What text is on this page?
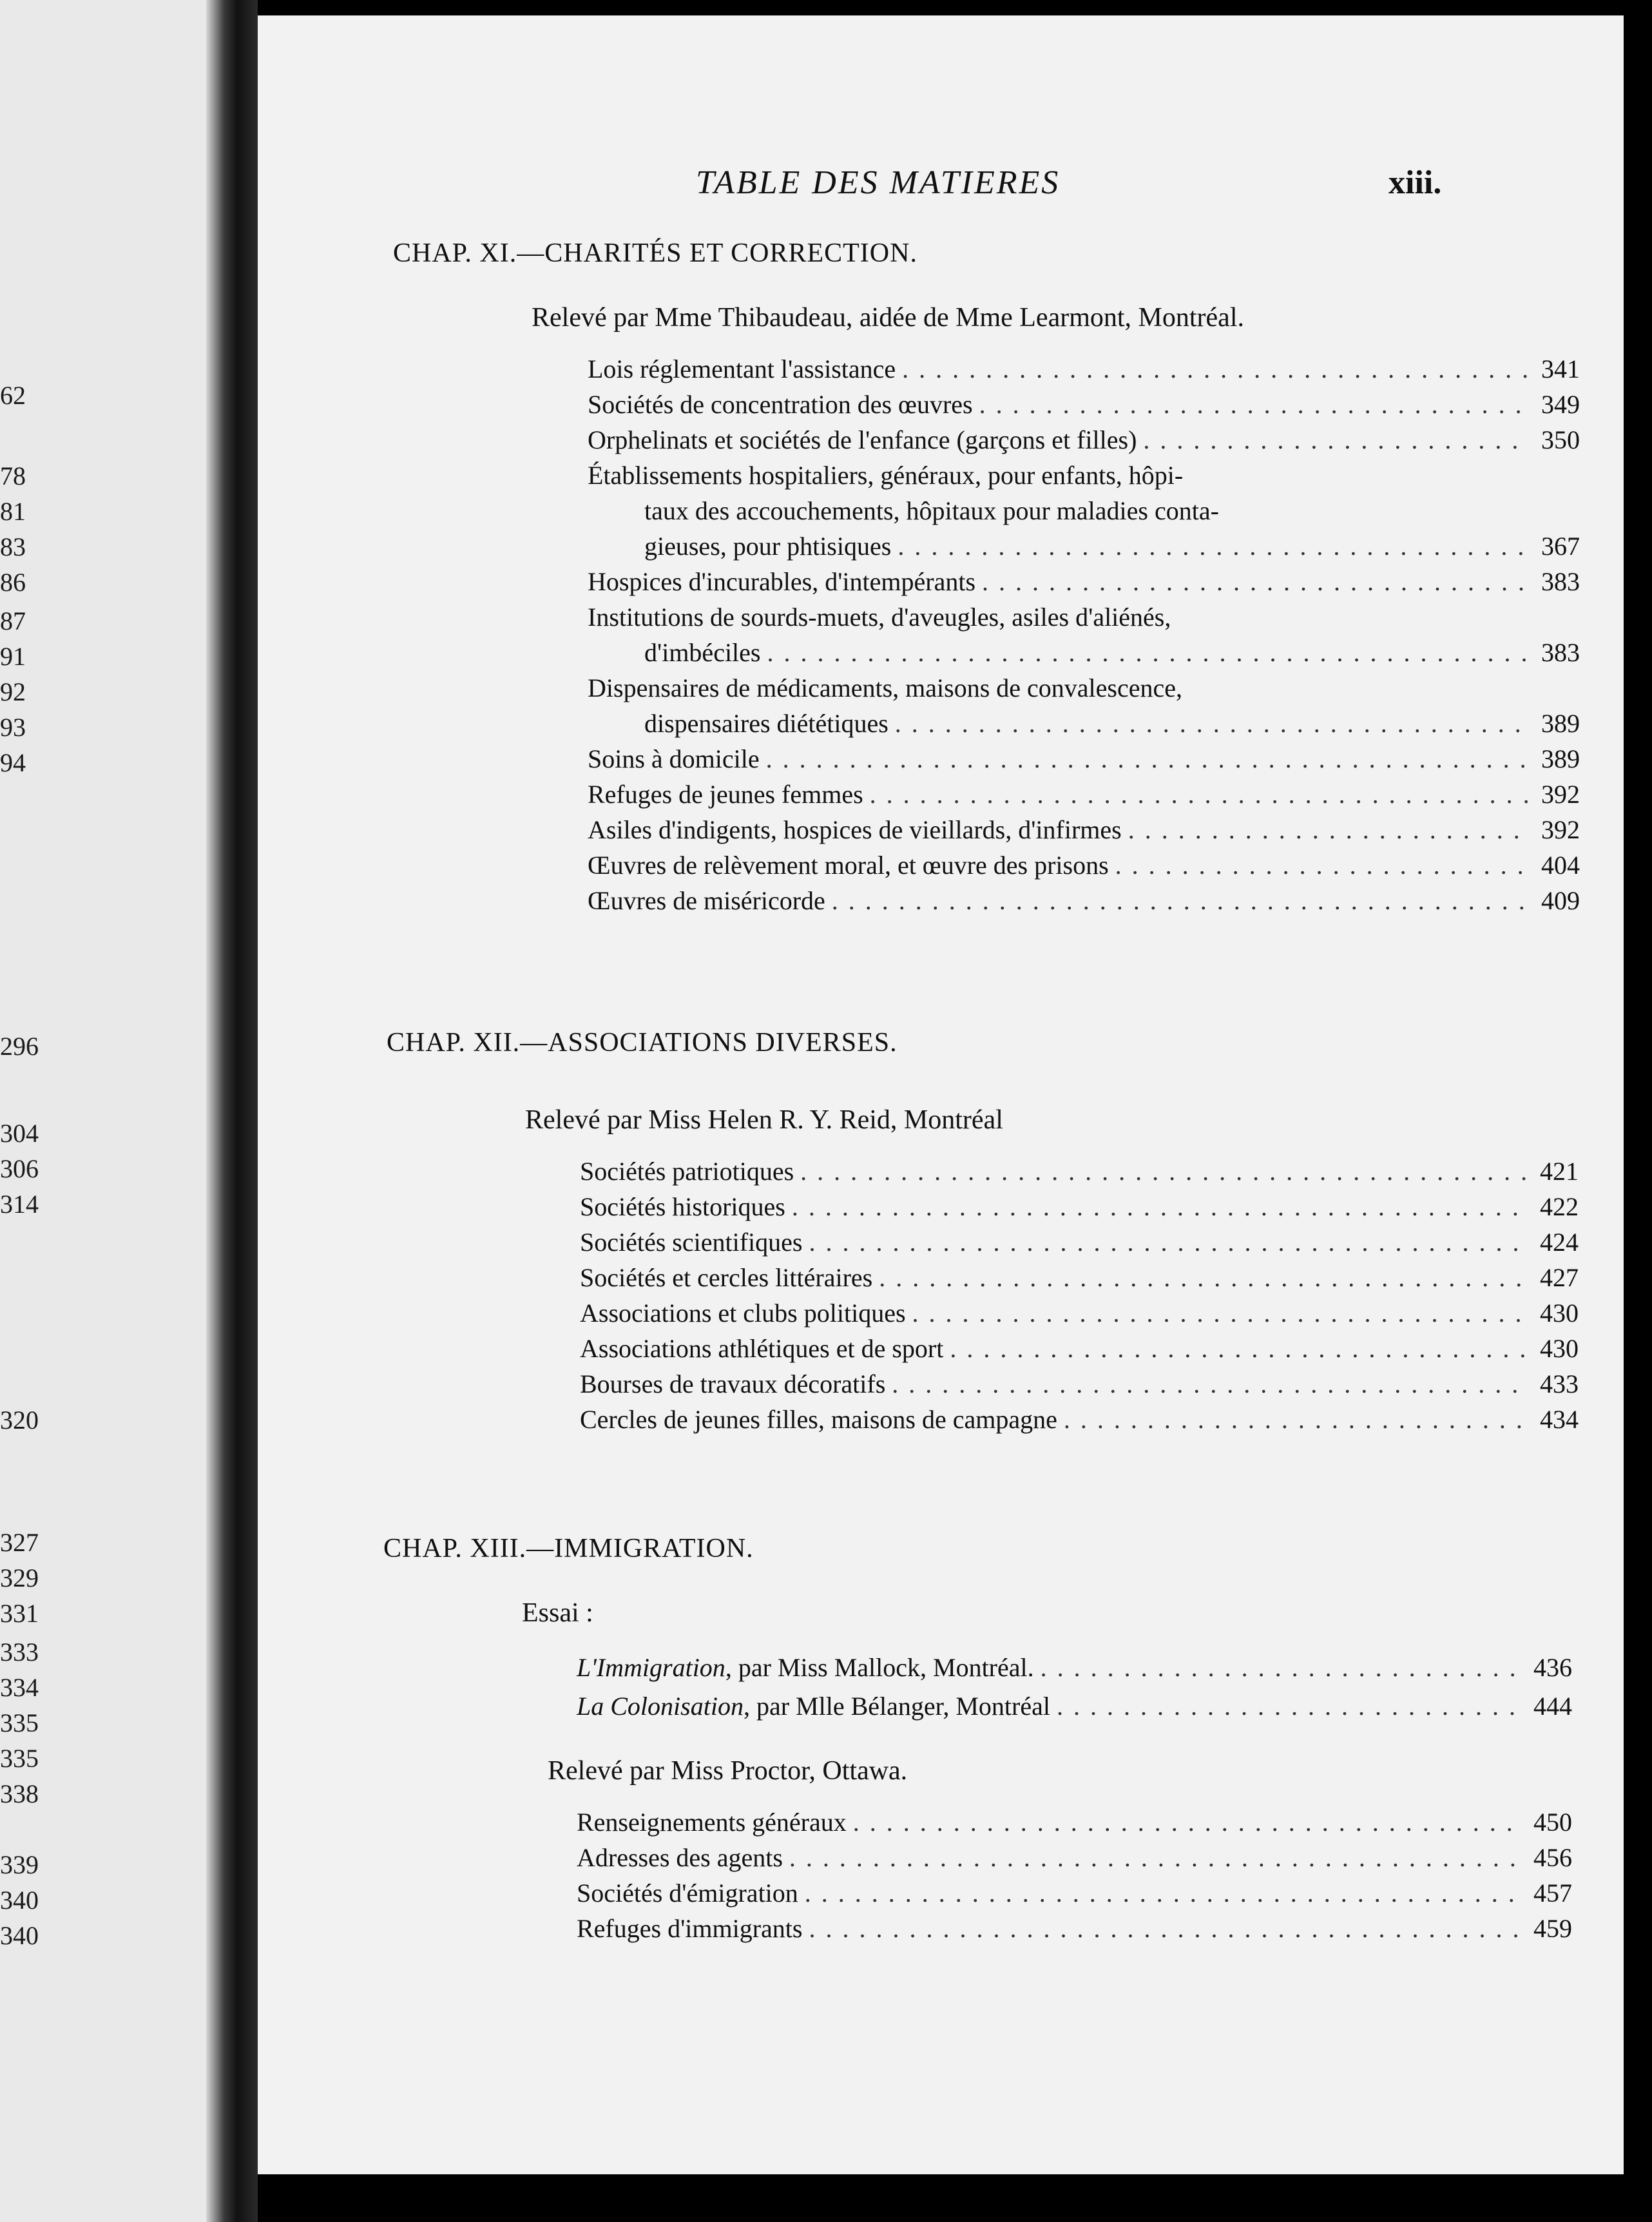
62
78
81
83
86
87
91
92
93
94
296
304
306
314
320
327
329
331
333
334
335
335
338
339
340
340
TABLE DES MATIERES	xiii.
CHAP. XI.—CHARITÉS ET CORRECTION.
Relevé par Mme Thibaudeau, aidée de Mme Learmont, Montréal.
Lois réglementant l'assistance . . .	341
Sociétés de concentration des œuvres . . .	349
Orphelinats et sociétés de l'enfance (garçons et filles) . . .	350
Établissements hospitaliers, généraux, pour enfants, hôpi-
taux des accouchements, hôpitaux pour maladies conta-
gieuses, pour phtisiques . . .	367
Hospices d'incurables, d'intempérants . . .	383
Institutions de sourds-muets, d'aveugles, asiles d'aliénés,
d'imbéciles . . .	383
Dispensaires de médicaments, maisons de convalescence,
dispensaires diététiques . . .	389
Soins à domicile . . .	389
Refuges de jeunes femmes . . .	392
Asiles d'indigents, hospices de vieillards, d'infirmes . . .	392
Œuvres de relèvement moral, et œuvre des prisons . . .	404
Œuvres de miséricorde . . .	409
CHAP. XII.—ASSOCIATIONS DIVERSES.
Relevé par Miss Helen R. Y. Reid, Montréal
Sociétés patriotiques . . .	421
Sociétés historiques . . .	422
Sociétés scientifiques . . .	424
Sociétés et cercles littéraires . . .	427
Associations et clubs politiques . . .	430
Associations athlétiques et de sport . . .	430
Bourses de travaux décoratifs . . .	433
Cercles de jeunes filles, maisons de campagne . . .	434
CHAP. XIII.—IMMIGRATION.
Essai :
L'Immigration, par Miss Mallock, Montréal. . . .	436
La Colonisation, par Mlle Bélanger, Montréal . . .	444
Relevé par Miss Proctor, Ottawa.
Renseignements généraux . . .	450
Adresses des agents . . .	456
Sociétés d'émigration . . .	457
Refuges d'immigrants . . .	459
